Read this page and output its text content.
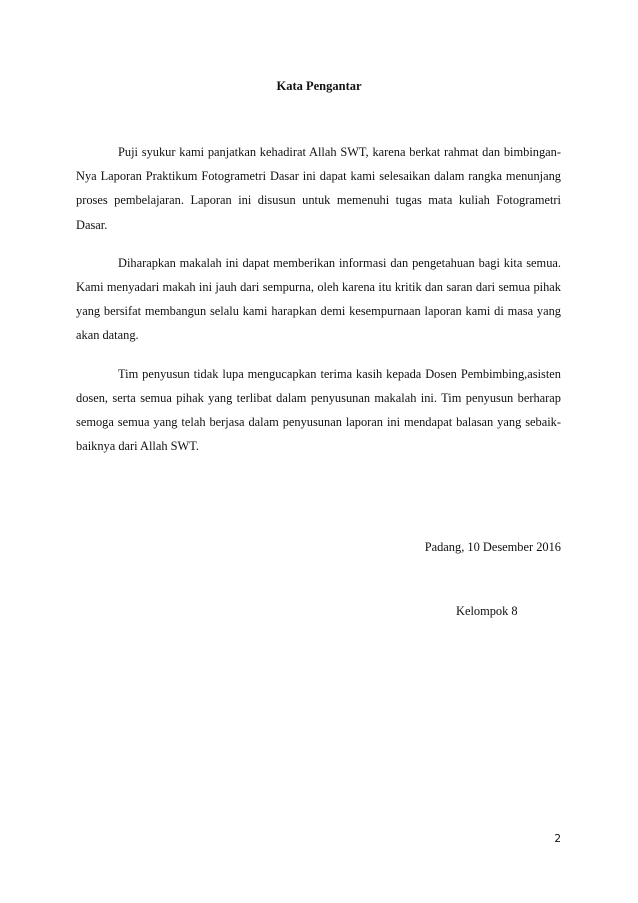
Kata Pengantar

Puji syukur kami panjatkan kehadirat Allah SWT, karena berkat rahmat dan bimbingan-Nya Laporan Praktikum Fotogrametri Dasar ini dapat kami selesaikan dalam rangka menunjang proses pembelajaran. Laporan ini disusun untuk memenuhi tugas mata kuliah Fotogrametri Dasar.

Diharapkan makalah ini dapat memberikan informasi dan pengetahuan bagi kita semua. Kami menyadari makah ini jauh dari sempurna, oleh karena itu kritik dan saran dari semua pihak yang bersifat membangun selalu kami harapkan demi kesempurnaan laporan kami di masa yang akan datang.

Tim penyusun tidak lupa mengucapkan terima kasih kepada Dosen Pembimbing,asisten dosen, serta semua pihak yang terlibat dalam penyusunan makalah ini. Tim penyusun berharap semoga semua yang telah berjasa dalam penyusunan laporan ini mendapat balasan yang sebaik-baiknya dari Allah SWT.

Padang, 10 Desember 2016
Kelompok 8
2
